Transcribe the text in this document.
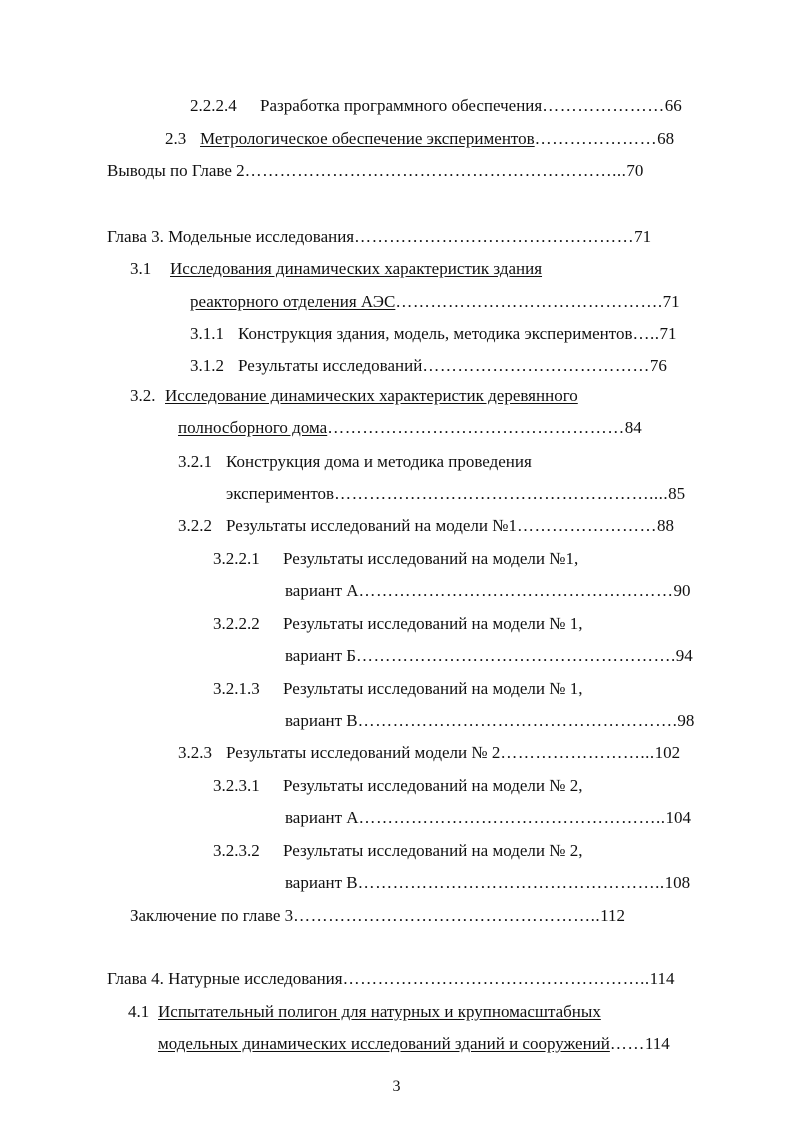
2.2.2.4 Разработка программного обеспечения…………………66
2.3 Метрологическое обеспечение экспериментов…………………68
Выводы по Главе 2………………………………………………………...70
Глава 3. Модельные исследования…………………………………………71
3.1 Исследования динамических характеристик здания
реакторного отделения АЭС……………………………………….71
3.1.1 Конструкция здания, модель, методика экспериментов…..71
3.1.2 Результаты исследований…………………………………76
3.2. Исследование динамических характеристик деревянного
полносборного дома……………………………………………84
3.2.1 Конструкция дома и методика проведения
экспериментов………………………………………………....85
3.2.2 Результаты исследований на модели №1……………………88
3.2.2.1 Результаты исследований на модели №1,
вариант А………………………………………………90
3.2.2.2 Результаты исследований на модели № 1,
вариант Б……………………………………………….94
3.2.1.3 Результаты исследований на модели № 1,
вариант В……………………………………………….98
3.2.3 Результаты исследований модели № 2……………………...102
3.2.3.1 Результаты исследований на модели № 2,
вариант А……………………………………………..104
3.2.3.2 Результаты исследований на модели № 2,
вариант В……………………………………………..108
Заключение по главе 3……………………………………………..112
Глава 4. Натурные исследования……………………………………………..114
4.1 Испытательный полигон для натурных и крупномасштабных
модельных динамических исследований зданий и сооружений……114
3
